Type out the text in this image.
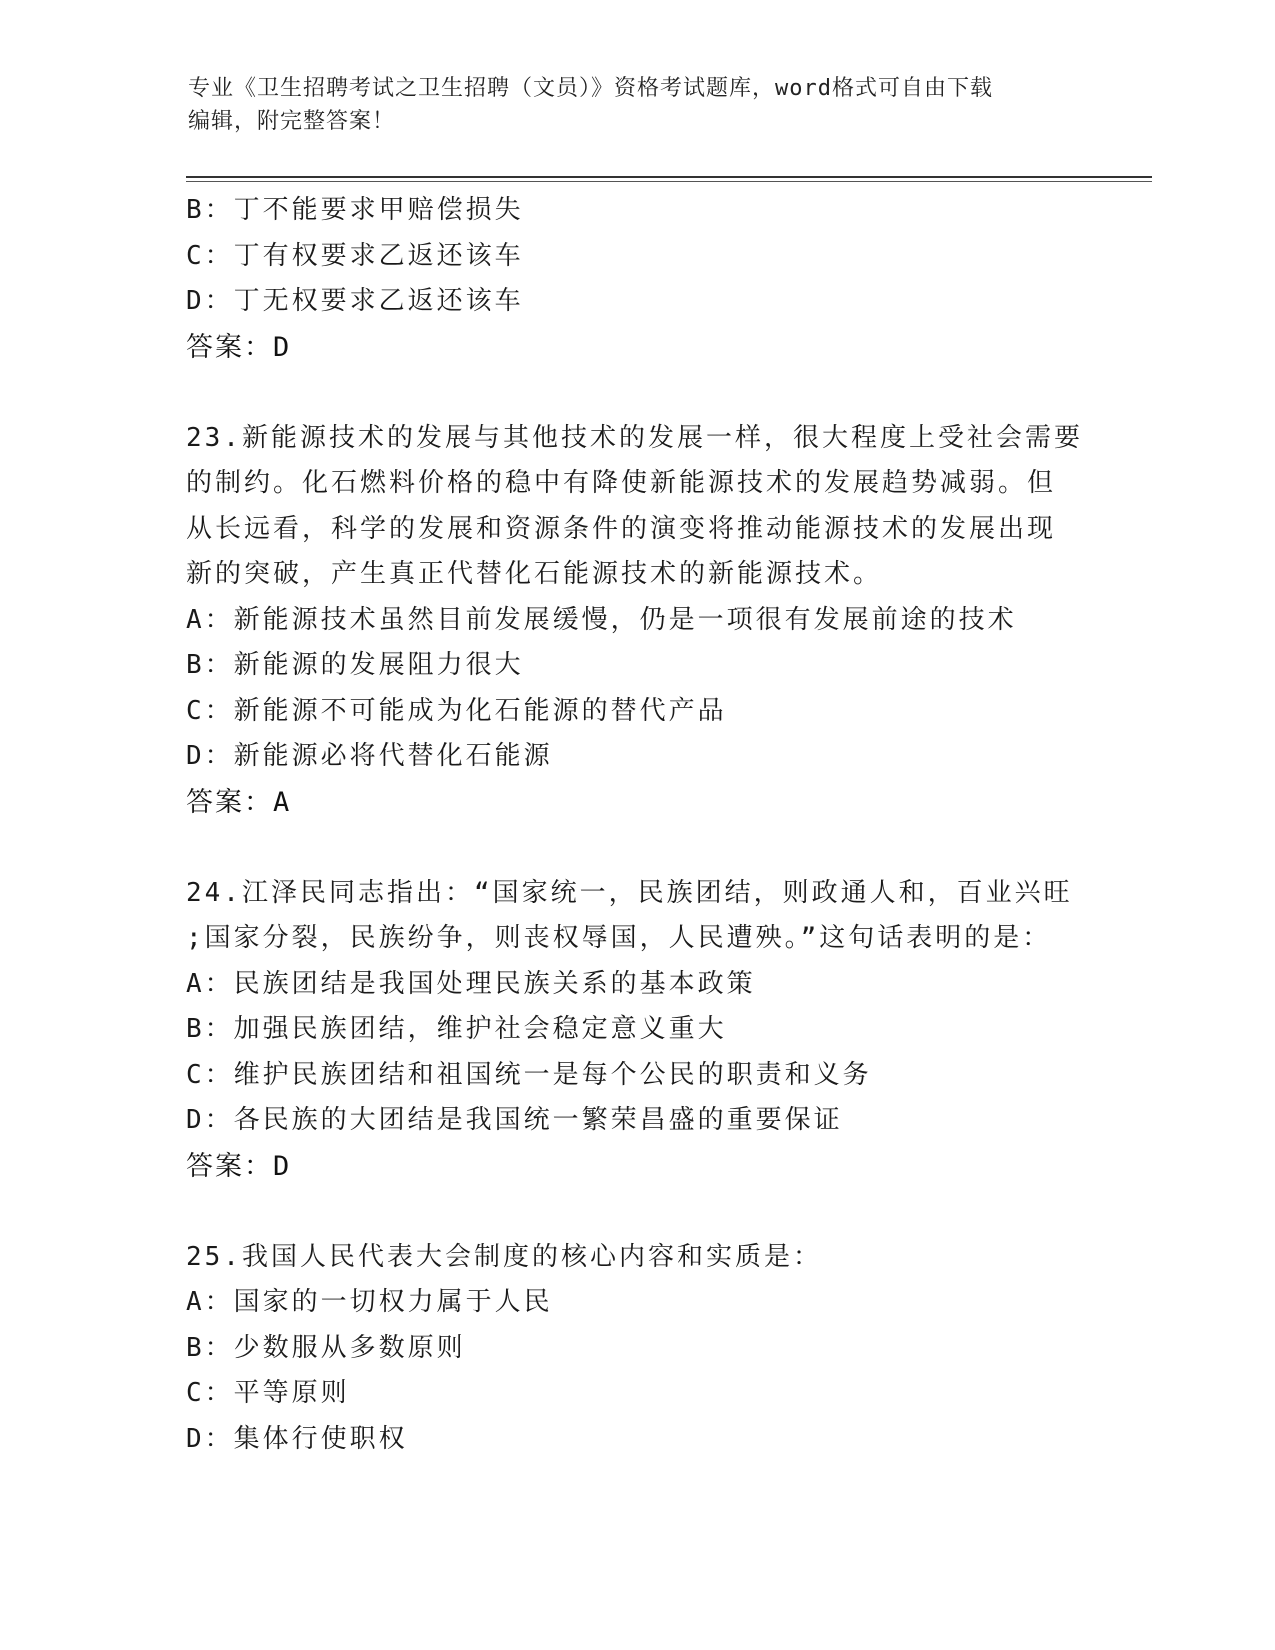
专业《卫生招聘考试之卫生招聘（文员）》资格考试题库，word格式可自由下载
编辑，附完整答案！
B：丁不能要求甲赔偿损失
C：丁有权要求乙返还该车
D：丁无权要求乙返还该车
答案：D
23.新能源技术的发展与其他技术的发展一样，很大程度上受社会需要
的制约。化石燃料价格的稳中有降使新能源技术的发展趋势减弱。但
从长远看，科学的发展和资源条件的演变将推动能源技术的发展出现
新的突破，产生真正代替化石能源技术的新能源技术。
A：新能源技术虽然目前发展缓慢，仍是一项很有发展前途的技术
B：新能源的发展阻力很大
C：新能源不可能成为化石能源的替代产品
D：新能源必将代替化石能源
答案：A
24.江泽民同志指出：“国家统一，民族团结，则政通人和，百业兴旺
;国家分裂，民族纷争，则丧权辱国，人民遭殃。”这句话表明的是：
A：民族团结是我国处理民族关系的基本政策
B：加强民族团结，维护社会稳定意义重大
C：维护民族团结和祖国统一是每个公民的职责和义务
D：各民族的大团结是我国统一繁荣昌盛的重要保证
答案：D
25.我国人民代表大会制度的核心内容和实质是：
A：国家的一切权力属于人民
B：少数服从多数原则
C：平等原则
D：集体行使职权
